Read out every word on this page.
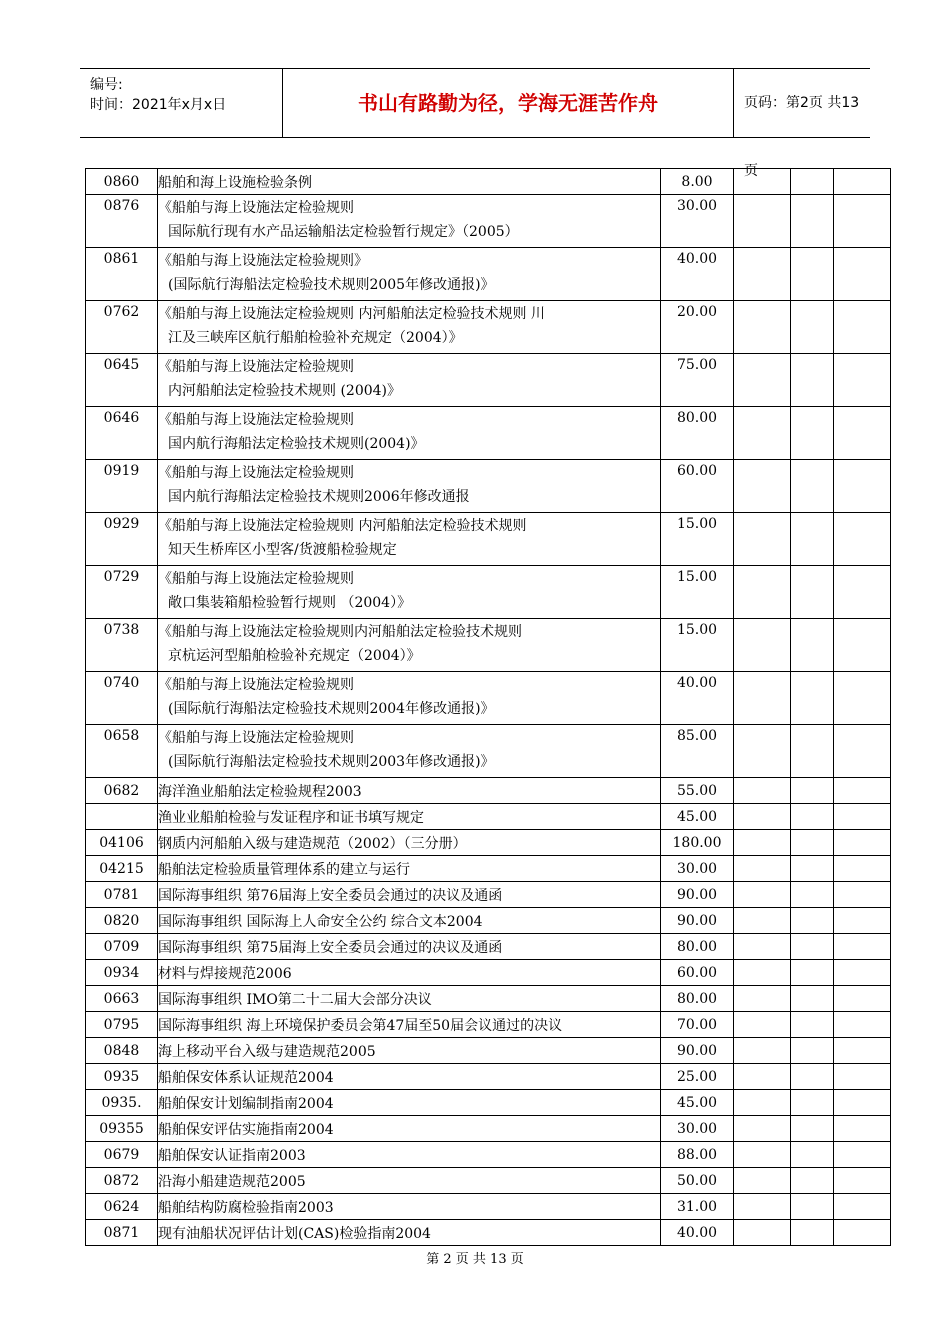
编号:
时间：2021年x月x日	书山有路勤为径，学海无涯苦作舟	页码：第2页 共13页
0860	船舶和海上设施检验条例	8.00			
0876	《船舶与海上设施法定检验规则
国际航行现有水产品运输船法定检验暂行规定》（2005）	30.00			
0861	《船舶与海上设施法定检验规则》
(国际航行海船法定检验技术规则2005年修改通报)》	40.00			
0762	《船舶与海上设施法定检验规则 内河船舶法定检验技术规则 川
江及三峡库区航行船舶检验补充规定（2004）》	20.00			
0645	《船舶与海上设施法定检验规则
内河船舶法定检验技术规则 (2004)》	75.00			
0646	《船舶与海上设施法定检验规则
国内航行海船法定检验技术规则(2004)》	80.00			
0919	《船舶与海上设施法定检验规则
国内航行海船法定检验技术规则2006年修改通报	60.00			
0929	《船舶与海上设施法定检验规则 内河船舶法定检验技术规则
知天生桥库区小型客/货渡船检验规定	15.00			
0729	《船舶与海上设施法定检验规则
敞口集装箱船检验暂行规则 （2004）》	15.00			
0738	《船舶与海上设施法定检验规则内河船舶法定检验技术规则
京杭运河型船舶检验补充规定（2004）》	15.00			
0740	《船舶与海上设施法定检验规则
(国际航行海船法定检验技术规则2004年修改通报)》	40.00			
0658	《船舶与海上设施法定检验规则
(国际航行海船法定检验技术规则2003年修改通报)》	85.00			
0682	海洋渔业船舶法定检验规程2003	55.00			
	渔业业船舶检验与发证程序和证书填写规定	45.00			
04106	钢质内河船舶入级与建造规范（2002）（三分册）	180.00			
04215	船舶法定检验质量管理体系的建立与运行	30.00			
0781	国际海事组织 第76届海上安全委员会通过的决议及通函	90.00			
0820	国际海事组织 国际海上人命安全公约 综合文本2004	90.00			
0709	国际海事组织 第75届海上安全委员会通过的决议及通函	80.00			
0934	材料与焊接规范2006	60.00			
0663	国际海事组织 IMO第二十二届大会部分决议	80.00			
0795	国际海事组织 海上环境保护委员会第47届至50届会议通过的决议	70.00			
0848	海上移动平台入级与建造规范2005	90.00			
0935	船舶保安体系认证规范2004	25.00			
0935.	船舶保安计划编制指南2004	45.00			
09355	船舶保安评估实施指南2004	30.00			
0679	船舶保安认证指南2003	88.00			
0872	沿海小船建造规范2005	50.00			
0624	船舶结构防腐检验指南2003	31.00			
0871	现有油船状况评估计划(CAS)检验指南2004	40.00			
第 2 页 共 13 页
